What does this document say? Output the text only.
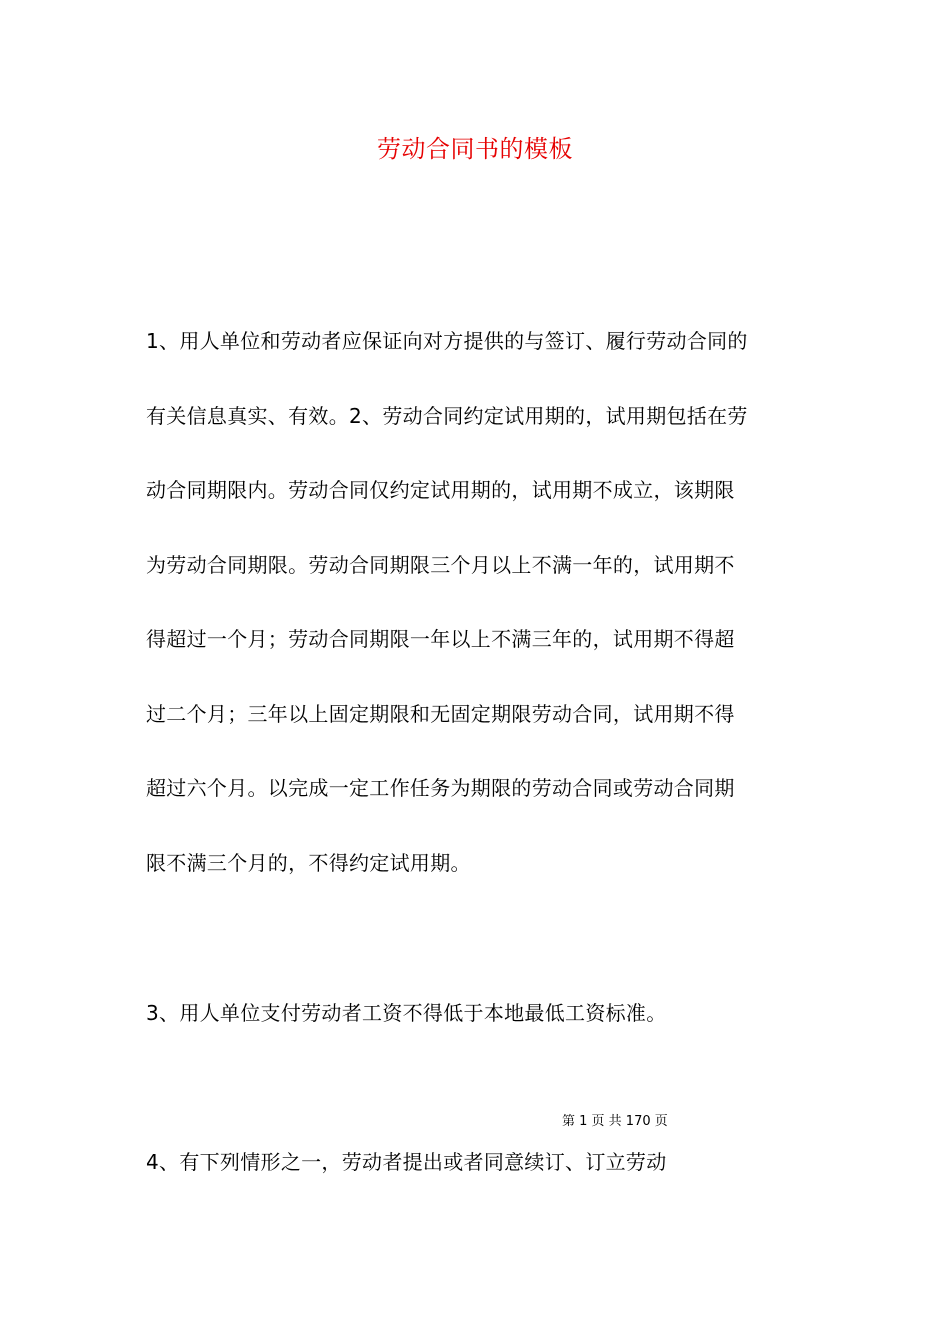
劳动合同书的模板
1、用人单位和劳动者应保证向对方提供的与签订、履行劳动合同的
有关信息真实、有效。2、劳动合同约定试用期的，试用期包括在劳
动合同期限内。劳动合同仅约定试用期的，试用期不成立，该期限
为劳动合同期限。劳动合同期限三个月以上不满一年的，试用期不
得超过一个月；劳动合同期限一年以上不满三年的，试用期不得超
过二个月；三年以上固定期限和无固定期限劳动合同，试用期不得
超过六个月。以完成一定工作任务为期限的劳动合同或劳动合同期
限不满三个月的，不得约定试用期。
3、用人单位支付劳动者工资不得低于本地最低工资标准。
第 1 页 共 170 页
4、有下列情形之一，劳动者提出或者同意续订、订立劳动
